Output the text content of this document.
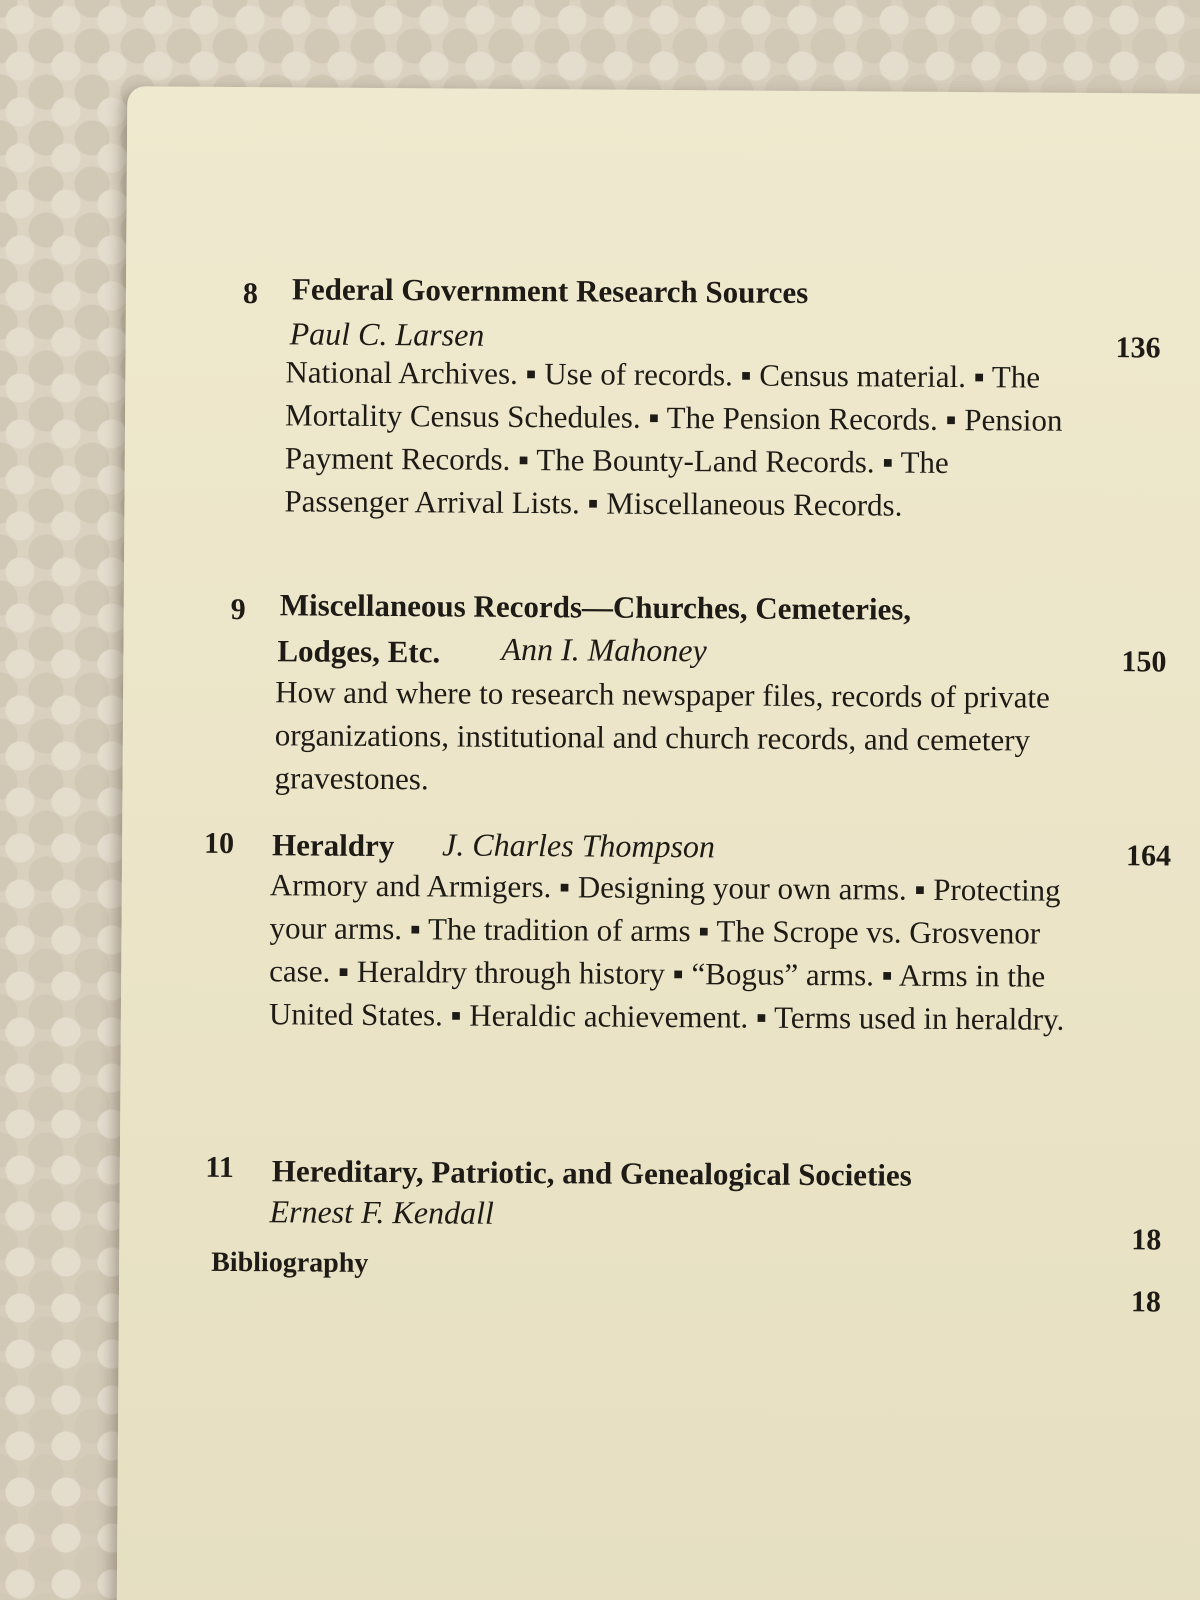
8 Federal Government Research Sources
Paul C. Larsen	136
National Archives. ▪ Use of records. ▪ Census material. ▪ The Mortality Census Schedules. ▪ The Pension Records. ▪ Pension Payment Records. ▪ The Bounty-Land Records. ▪ The Passenger Arrival Lists. ▪ Miscellaneous Records.
9 Miscellaneous Records—Churches, Cemeteries,
Lodges, Etc. Ann I. Mahoney	150
How and where to research newspaper files, records of private organizations, institutional and church records, and cemetery gravestones.
10 Heraldry J. Charles Thompson	164
Armory and Armigers. ▪ Designing your own arms. ▪ Protecting your arms. ▪ The tradition of arms ▪ The Scrope vs. Grosvenor case. ▪ Heraldry through history ▪ “Bogus” arms. ▪ Arms in the United States. ▪ Heraldic achievement. ▪ Terms used in heraldry.
11 Hereditary, Patriotic, and Genealogical Societies
Ernest F. Kendall
18
Bibliography
18
